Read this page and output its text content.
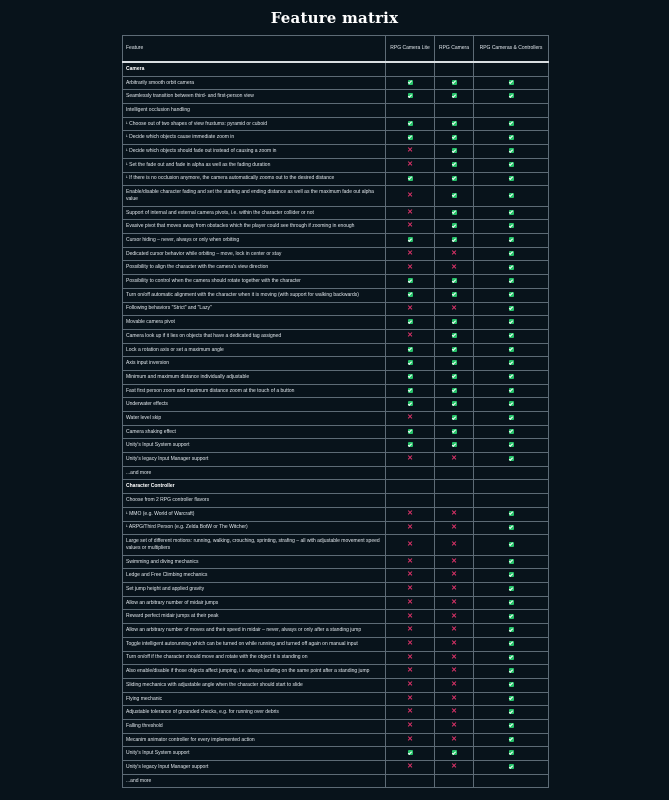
Feature matrix
Feature	RPG Camera Lite	RPG Camera	RPG Cameras & Controllers
Camera			
Arbitrarily smooth orbit camera			
Seamlessly transition between third- and first-person view			
Intelligent occlusion handling			
ᴸ Choose out of two shapes of view frustums: pyramid or cuboid			
ᴸ Decide which objects cause immediate zoom in			
ᴸ Decide which objects should fade out instead of causing a zoom in	✕		
ᴸ Set the fade out and fade in alpha as well as the fading duration	✕		
ᴸ If there is no occlusion anymore, the camera automatically zooms out to the desired distance			
Enable/disable character fading and set the starting and ending distance as well as the maximum fade out alpha value	✕		
Support of internal and external camera pivots, i.e. within the character collider or not	✕		
Evasive pivot that moves away from obstacles which the player could see through if zooming in enough	✕		
Cursor hiding – never, always or only when orbiting			
Dedicated cursor behavior while orbiting – move, lock in center or stay	✕	✕	
Possibility to align the character with the camera's view direction	✕	✕	
Possibility to control when the camera should rotate together with the character			
Turn on/off automatic alignment with the character when it is moving (with support for walking backwards)			
Following behaviors "Strict" and "Lazy"	✕	✕	
Movable camera pivot			
Camera look up if it lies on objects that have a dedicated tag assigned	✕		
Lock a rotation axis or set a maximum angle			
Axis input inversion			
Minimum and maximum distance individually adjustable			
Fast first person zoom and maximum distance zoom at the touch of a button			
Underwater effects			
Water level skip	✕		
Camera shaking effect			
Unity's Input System support			
Unity's legacy Input Manager support	✕	✕	
...and more			
Character Controller			
Choose from 2 RPG controller flavors			
ᴸ MMO (e.g. World of Warcraft)	✕	✕	
ᴸ ARPG/Third Person (e.g. Zelda BotW or The Witcher)	✕	✕	
Large set of different motions: running, walking, crouching, sprinting, strafing – all with adjustable movement speed values or multipliers	✕	✕	
Swimming and diving mechanics	✕	✕	
Ledge and Free Climbing mechanics	✕	✕	
Set jump height and applied gravity	✕	✕	
Allow an arbitrary number of midair jumps	✕	✕	
Reward perfect midair jumps at their peak	✕	✕	
Allow an arbitrary number of moves and their speed in midair – never, always or only after a standing jump	✕	✕	
Toggle intelligent autorunning which can be turned on while running and turned off again on manual input	✕	✕	
Turn on/off if the character should move and rotate with the object it is standing on	✕	✕	
Also enable/disable if those objects affect jumping, i.e. always landing on the same point after a standing jump	✕	✕	
Sliding mechanics with adjustable angle when the character should start to slide	✕	✕	
Flying mechanic	✕	✕	
Adjustable tolerance of grounded checks, e.g. for running over debris	✕	✕	
Falling threshold	✕	✕	
Mecanim animator controller for every implemented action	✕	✕	
Unity's Input System support			
Unity's legacy Input Manager support	✕	✕	
...and more			
